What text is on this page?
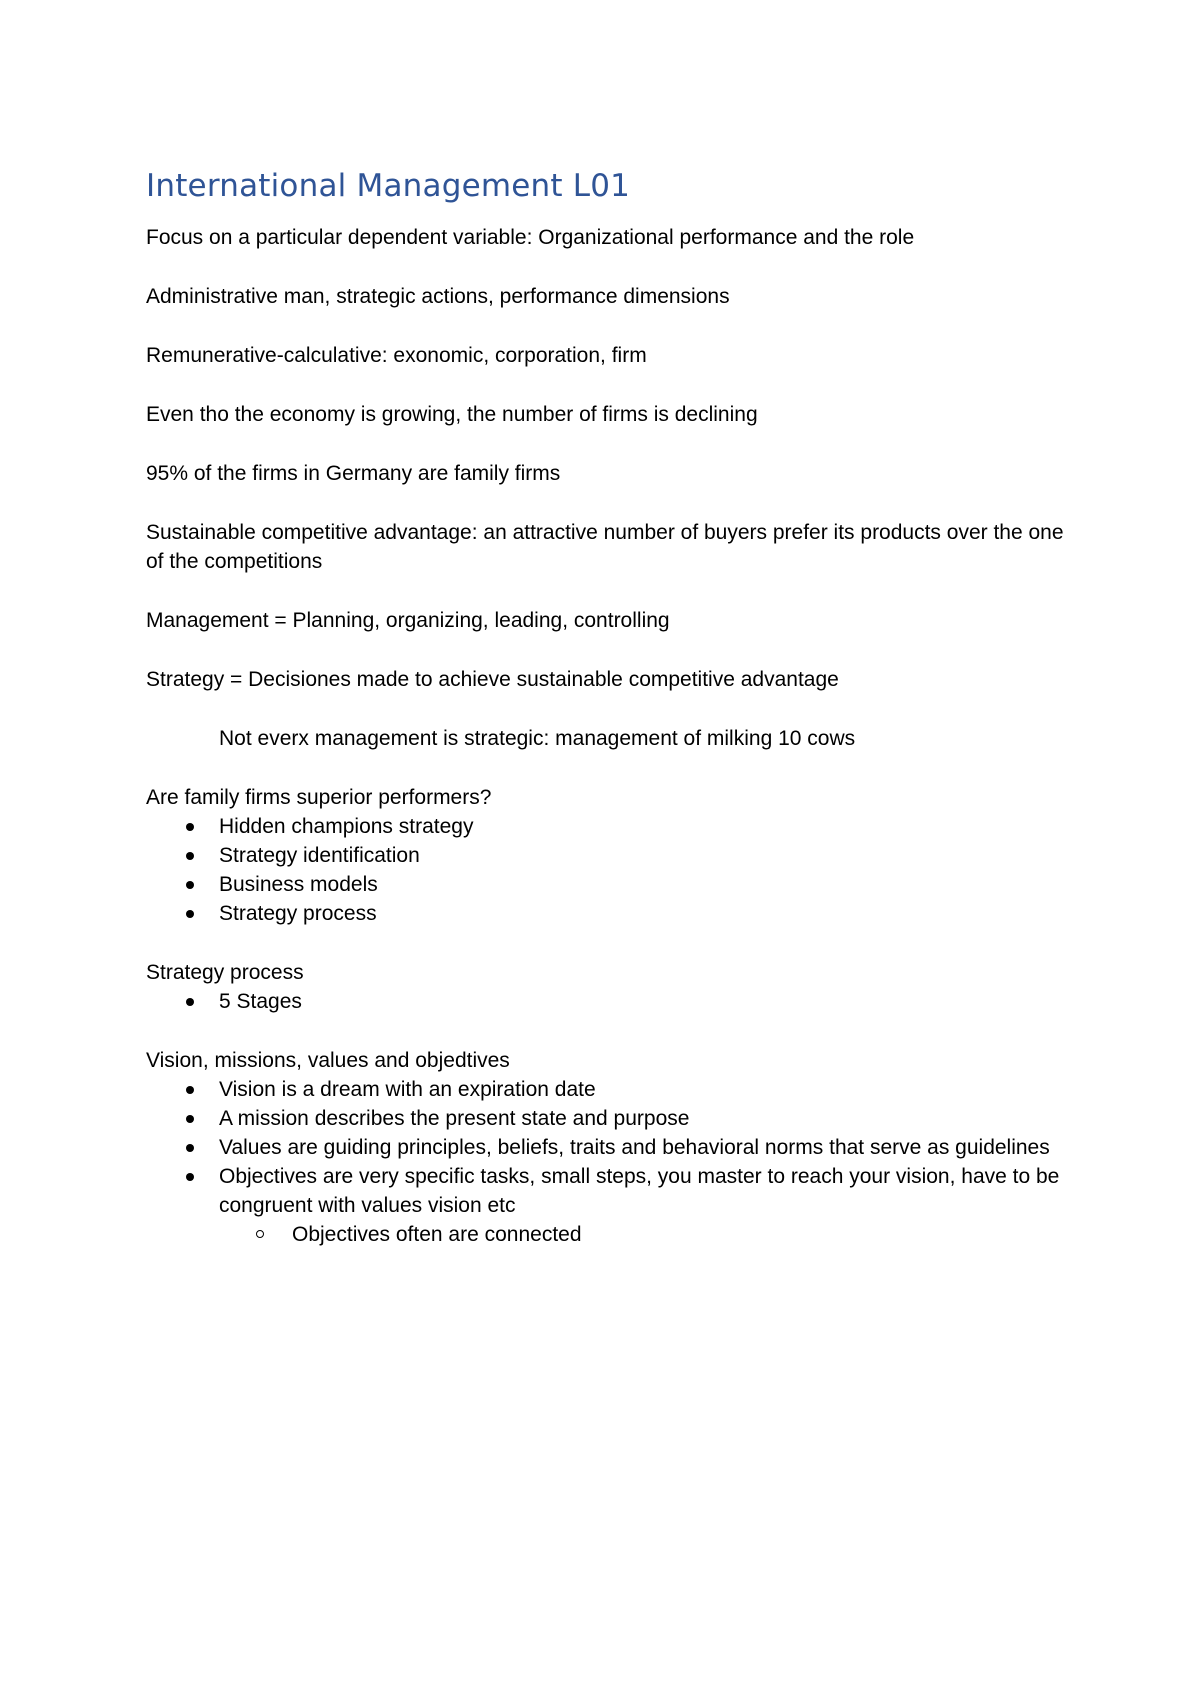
International Management L01

Focus on a particular dependent variable: Organizational performance and the role

Administrative man, strategic actions, performance dimensions

Remunerative-calculative: exonomic, corporation, firm

Even tho the economy is growing, the number of firms is declining

95% of the firms in Germany are family firms

Sustainable competitive advantage: an attractive number of buyers prefer its products over the one of the competitions

Management = Planning, organizing, leading, controlling

Strategy = Decisiones made to achieve sustainable competitive advantage

Not everx management is strategic: management of milking 10 cows

Are family firms superior performers?

Hidden champions strategy
Strategy identification
Business models
Strategy process

Strategy process

5 Stages

Vision, missions, values and objedtives

Vision is a dream with an expiration date
A mission describes the present state and purpose
Values are guiding principles, beliefs, traits and behavioral norms that serve as guidelines
Objectives are very specific tasks, small steps, you master to reach your vision, have to be congruent with values vision etc
Objectives often are connected
